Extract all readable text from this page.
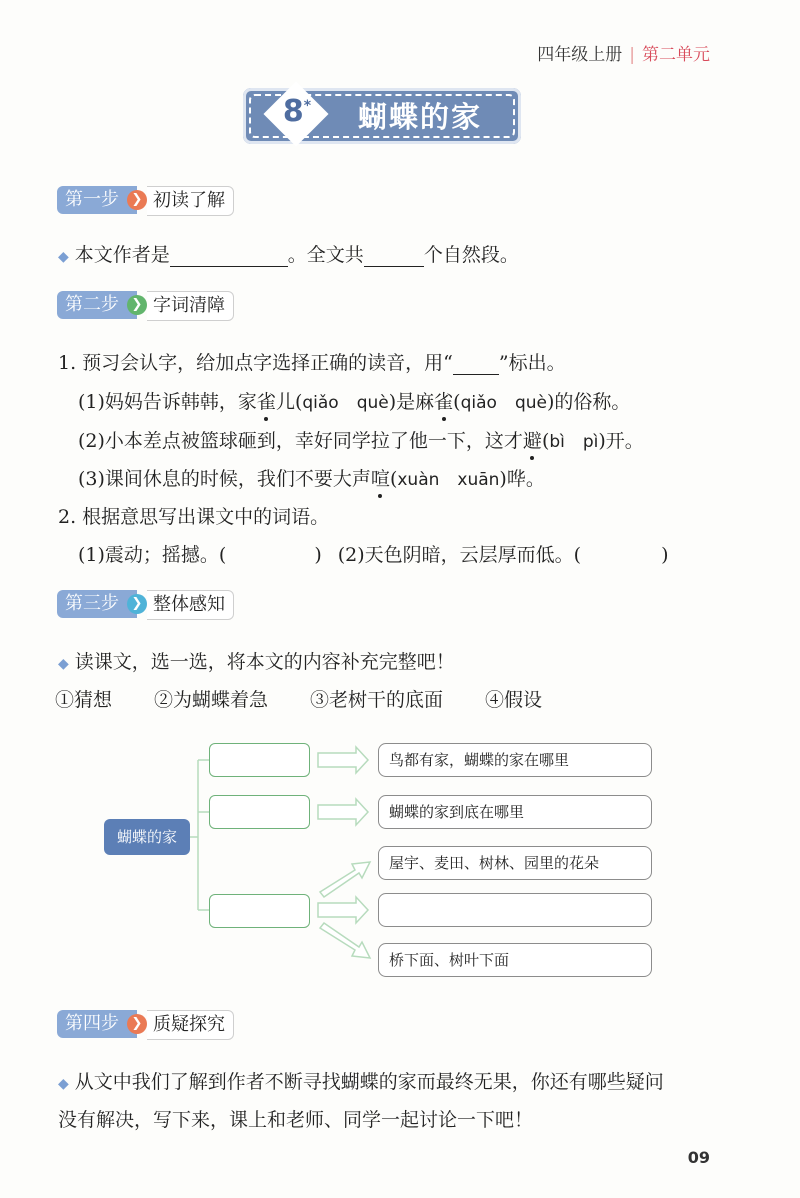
四年级上册 | 第二单元
8* 蝴蝶的家
第一步 ❯ 初读了解
◆ 本文作者是	。全文共	个自然段。
第二步 ❯ 字词清障
1. 预习会认字，给加点字选择正确的读音，用“ ”标出。
(1)妈妈告诉韩韩，家雀儿(qiǎo què)是麻雀(qiǎo què)的俗称。
(2)小本差点被篮球砸到，幸好同学拉了他一下，这才避(bì pì)开。
(3)课间休息的时候，我们不要大声喧(xuàn xuān)哗。
2. 根据意思写出课文中的词语。
(1)震动；摇撼。(	) (2)天色阴暗，云层厚而低。(	)
第三步 ❯ 整体感知
◆ 读课文，选一选，将本文的内容补充完整吧！
①猜想 ②为蝴蝶着急 ③老树干的底面 ④假设
蝴蝶的家
鸟都有家，蝴蝶的家在哪里
蝴蝶的家到底在哪里
屋宇、麦田、树林、园里的花朵
桥下面、树叶下面
第四步 ❯ 质疑探究
◆ 从文中我们了解到作者不断寻找蝴蝶的家而最终无果，你还有哪些疑问
没有解决，写下来，课上和老师、同学一起讨论一下吧！
09
